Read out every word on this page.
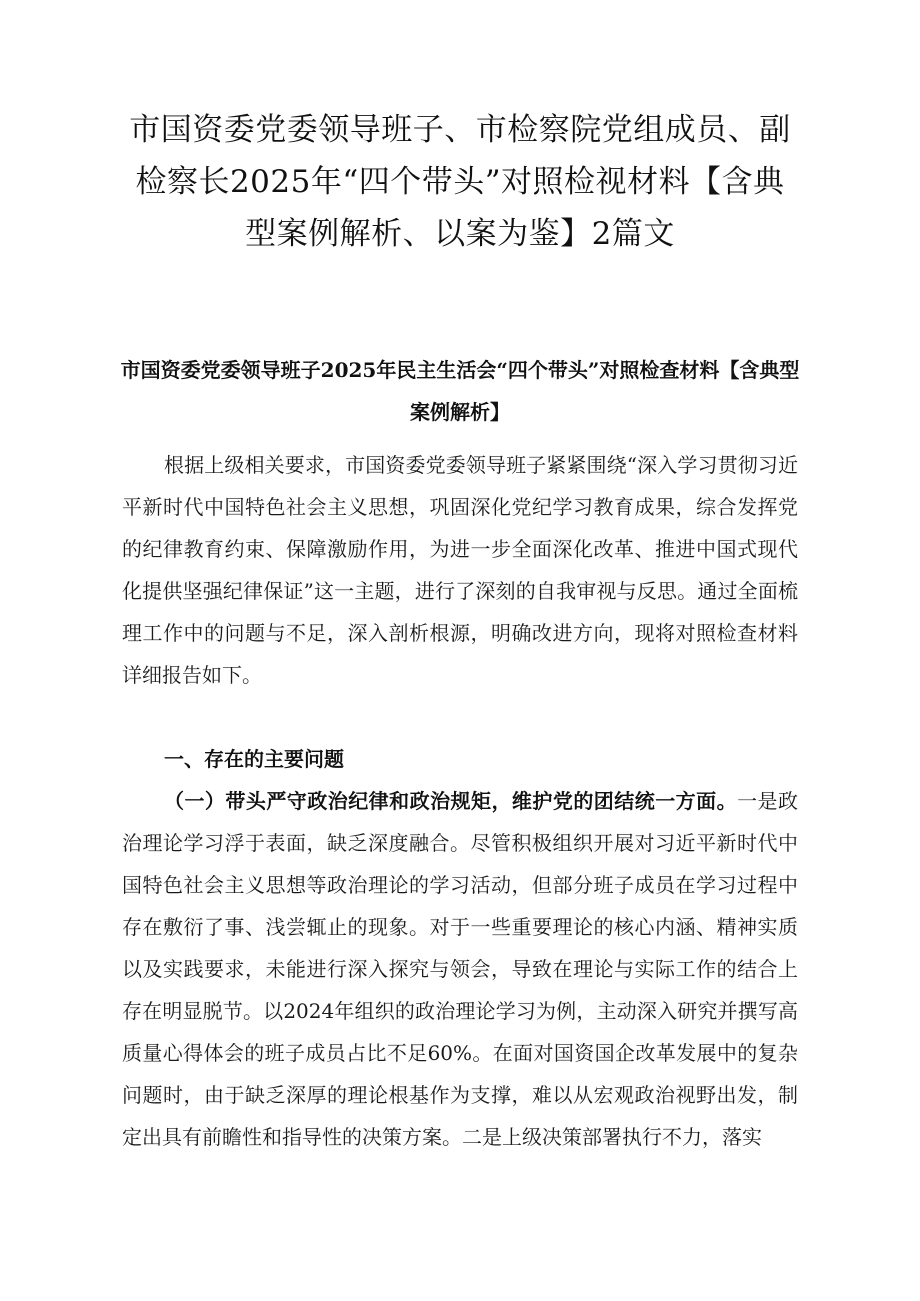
市国资委党委领导班子、市检察院党组成员、副检察长2025年“四个带头”对照检视材料【含典型案例解析、以案为鉴】2篇文
市国资委党委领导班子2025年民主生活会“四个带头”对照检查材料【含典型案例解析】

根据上级相关要求，市国资委党委领导班子紧紧围绕“深入学习贯彻习近平新时代中国特色社会主义思想，巩固深化党纪学习教育成果，综合发挥党的纪律教育约束、保障激励作用，为进一步全面深化改革、推进中国式现代化提供坚强纪律保证”这一主题，进行了深刻的自我审视与反思。通过全面梳理工作中的问题与不足，深入剖析根源，明确改进方向，现将对照检查材料详细报告如下。

一、存在的主要问题

（一）带头严守政治纪律和政治规矩，维护党的团结统一方面。一是政治理论学习浮于表面，缺乏深度融合。尽管积极组织开展对习近平新时代中国特色社会主义思想等政治理论的学习活动，但部分班子成员在学习过程中存在敷衍了事、浅尝辄止的现象。对于一些重要理论的核心内涵、精神实质以及实践要求，未能进行深入探究与领会，导致在理论与实际工作的结合上存在明显脱节。以2024年组织的政治理论学习为例，主动深入研究并撰写高质量心得体会的班子成员占比不足60%。在面对国资国企改革发展中的复杂问题时，由于缺乏深厚的理论根基作为支撑，难以从宏观政治视野出发，制定出具有前瞻性和指导性的决策方案。二是上级决策部署执行不力，落实
